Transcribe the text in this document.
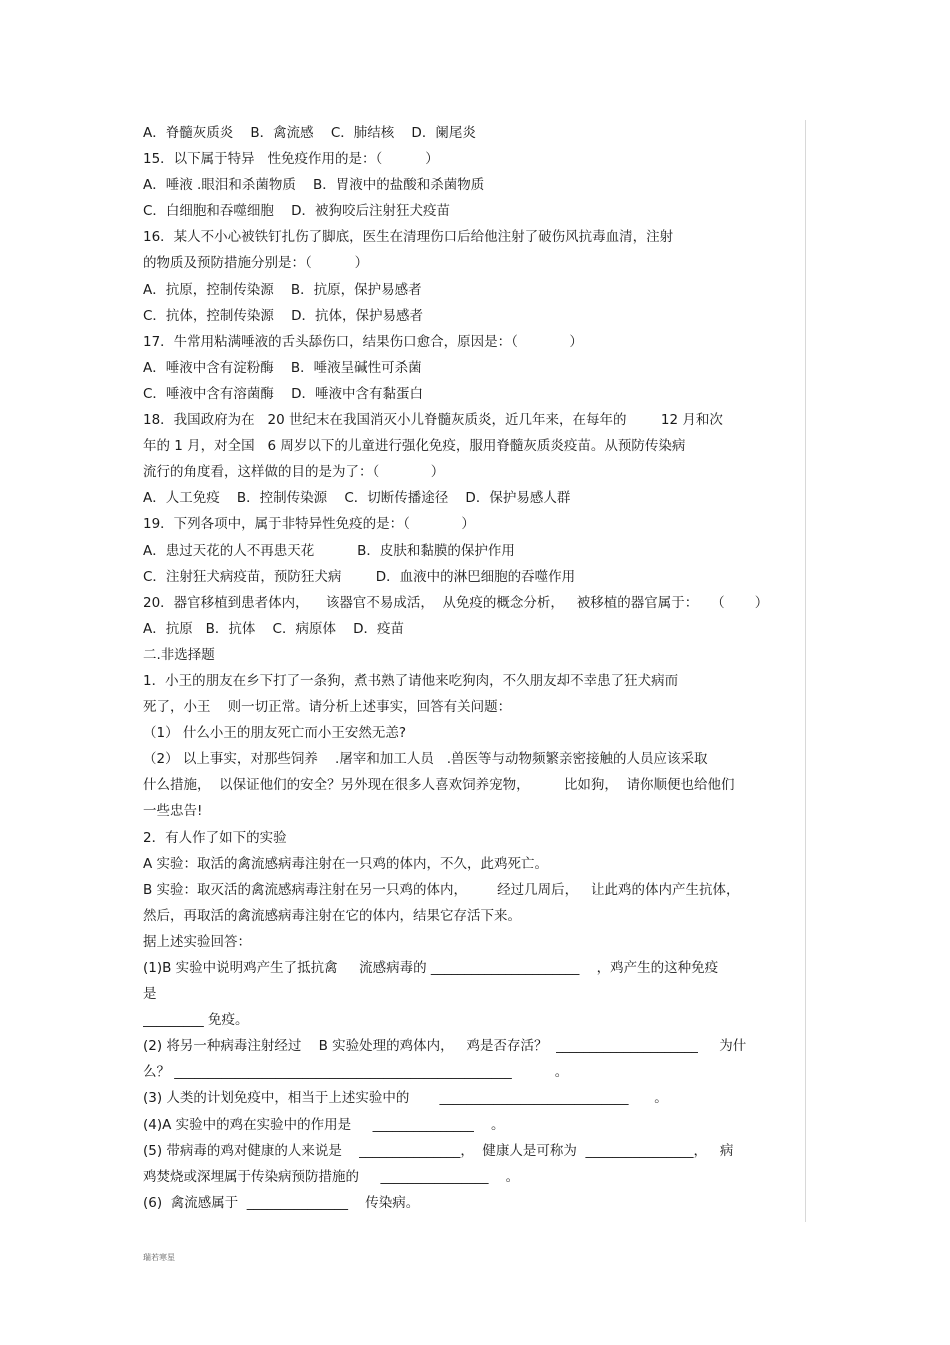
A．脊髓灰质炎    B．禽流感    C．肺结核    D．阑尾炎
15．以下属于特异   性免疫作用的是：（          ）
A．唾液 .眼泪和杀菌物质    B．胃液中的盐酸和杀菌物质
C．白细胞和吞噬细胞    D．被狗咬后注射狂犬疫苗
16．某人不小心被铁钉扎伤了脚底，医生在清理伤口后给他注射了破伤风抗毒血清，注射
的物质及预防措施分别是：（          ）
A．抗原，控制传染源    B．抗原，保护易感者
C．抗体，控制传染源    D．抗体，保护易感者
17．牛常用粘满唾液的舌头舔伤口，结果伤口愈合，原因是：（            ）
A．唾液中含有淀粉酶    B．唾液呈碱性可杀菌
C．唾液中含有溶菌酶    D．唾液中含有黏蛋白
18．我国政府为在   20 世纪末在我国消灭小儿脊髓灰质炎，近几年来，在每年的        12 月和次
年的 1 月，对全国   6 周岁以下的儿童进行强化免疫，服用脊髓灰质炎疫苗。从预防传染病
流行的角度看，这样做的目的是为了：（            ）
A．人工免疫    B．控制传染源    C．切断传播途径    D．保护易感人群
19．下列各项中，属于非特异性免疫的是：（            ）
A．患过天花的人不再患天花          B．皮肤和黏膜的保护作用
C．注射狂犬病疫苗，预防狂犬病        D．血液中的淋巴细胞的吞噬作用
20．器官移植到患者体内，    该器官不易成活，  从免疫的概念分析，   被移植的器官属于：   （       ）
A．抗原   B．抗体    C．病原体    D．疫苗
二.非选择题
1．小王的朋友在乡下打了一条狗，煮书熟了请他来吃狗肉，不久朋友却不幸患了狂犬病而
死了，小王    则一切正常。请分析上述事实，回答有关问题：
（1） 什么小王的朋友死亡而小王安然无恙?
（2） 以上事实，对那些饲养    .屠宰和加工人员   .兽医等与动物频繁亲密接触的人员应该采取
什么措施，  以保证他们的安全？另外现在很多人喜欢饲养宠物，        比如狗，  请你顺便也给他们
一些忠告!
2．有人作了如下的实验
A 实验：取活的禽流感病毒注射在一只鸡的体内，不久，此鸡死亡。
B 实验：取灭活的禽流感病毒注射在另一只鸡的体内，       经过几周后，   让此鸡的体内产生抗体，
然后，再取活的禽流感病毒注射在它的体内，结果它存活下来。
据上述实验回答：
(1)B 实验中说明鸡产生了抵抗禽     流感病毒的 ______________________    ，鸡产生的这种免疫
是
_________ 免疫。
(2) 将另一种病毒注射经过    B 实验处理的鸡体内，   鸡是否存活？  _____________________     为什
么？ __________________________________________________          。
(3) 人类的计划免疫中，相当于上述实验中的       ____________________________      。
(4)A 实验中的鸡在实验中的作用是     _______________    。
(5) 带病毒的鸡对健康的人来说是    _______________，  健康人是可称为  ________________，   病
鸡焚烧或深埋属于传染病预防措施的     ________________    。
(6)  禽流感属于  _______________    传染病。
瑞若寒星
